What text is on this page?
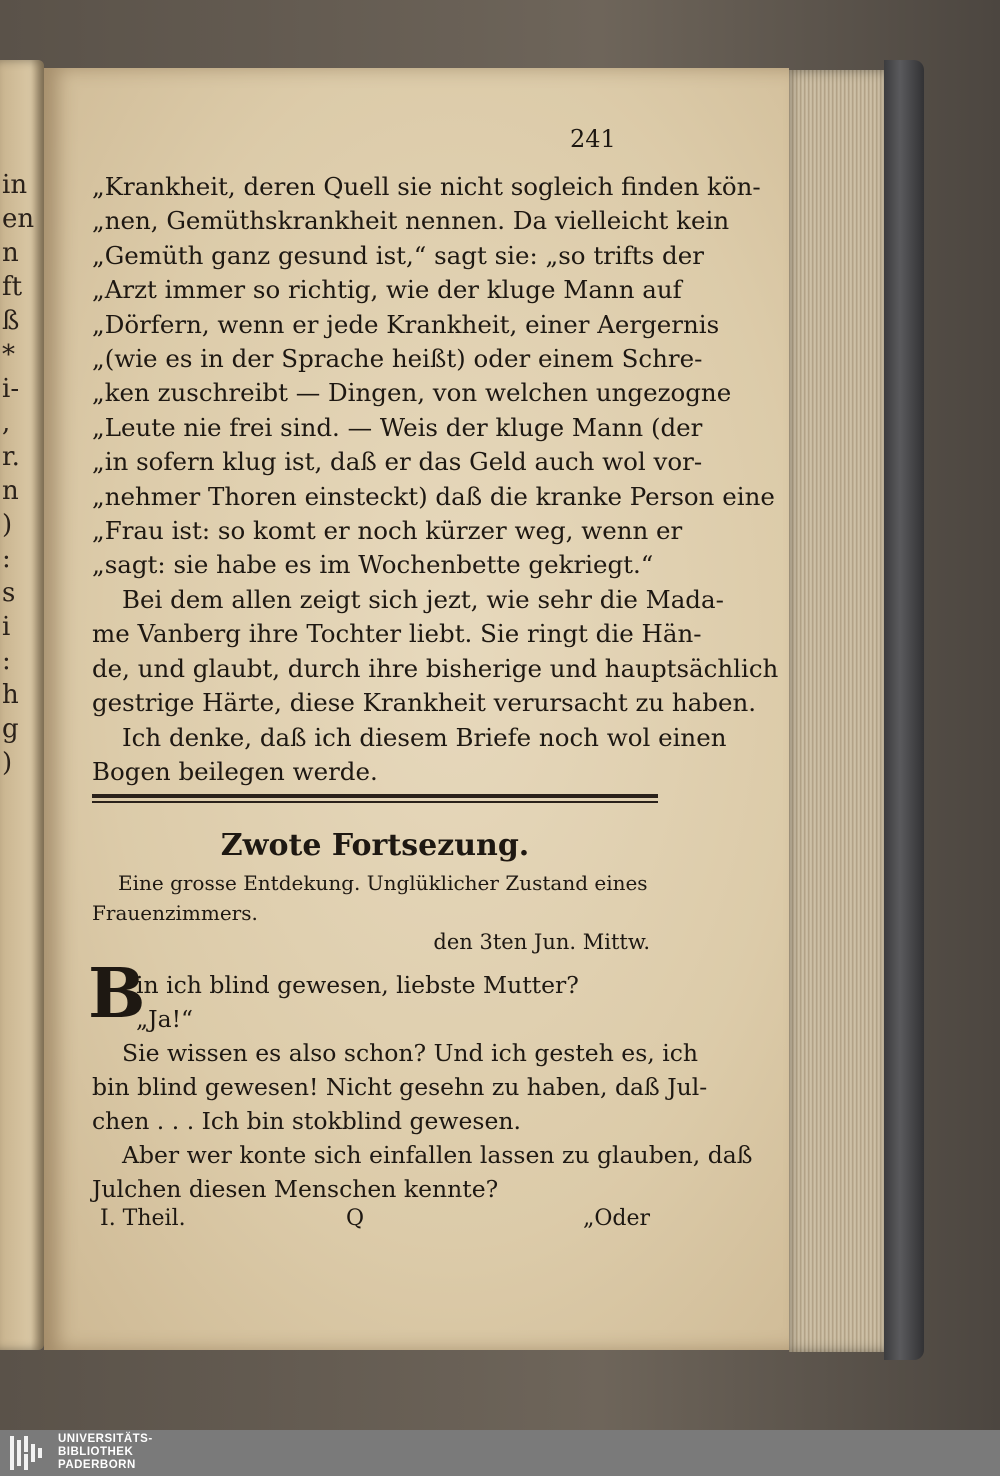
in
en
n
ft
ß
*
i-
,
r.
n
)
:
s
i
:
h
g
)
241
„Krankheit, deren Quell sie nicht sogleich finden kön-
„nen, Gemüthskrankheit nennen. Da vielleicht kein
„Gemüth ganz gesund ist,“ sagt sie: „so trifts der
„Arzt immer so richtig, wie der kluge Mann auf
„Dörfern, wenn er jede Krankheit, einer Aergernis
„(wie es in der Sprache heißt) oder einem Schre-
„ken zuschreibt — Dingen, von welchen ungezogne
„Leute nie frei sind. — Weis der kluge Mann (der
„in sofern klug ist, daß er das Geld auch wol vor-
„nehmer Thoren einsteckt) daß die kranke Person eine
„Frau ist: so komt er noch kürzer weg, wenn er
„sagt: sie habe es im Wochenbette gekriegt.“
Bei dem allen zeigt sich jezt, wie sehr die Mada-
me Vanberg ihre Tochter liebt. Sie ringt die Hän-
de, und glaubt, durch ihre bisherige und hauptsächlich
gestrige Härte, diese Krankheit verursacht zu haben.
Ich denke, daß ich diesem Briefe noch wol einen
Bogen beilegen werde.
Zwote Fortsezung.
Eine grosse Entdekung. Unglüklicher Zustand eines
Frauenzimmers.
den 3ten Jun. Mittw.
B
in ich blind gewesen, liebste Mutter?
„Ja!“
Sie wissen es also schon? Und ich gesteh es, ich
bin blind gewesen! Nicht gesehn zu haben, daß Jul-
chen . . . Ich bin stokblind gewesen.
Aber wer konte sich einfallen lassen zu glauben, daß
Julchen diesen Menschen kennte?
I. Theil.	Q	„Oder
UNIVERSITÄTS-
BIBLIOTHEK
PADERBORN
